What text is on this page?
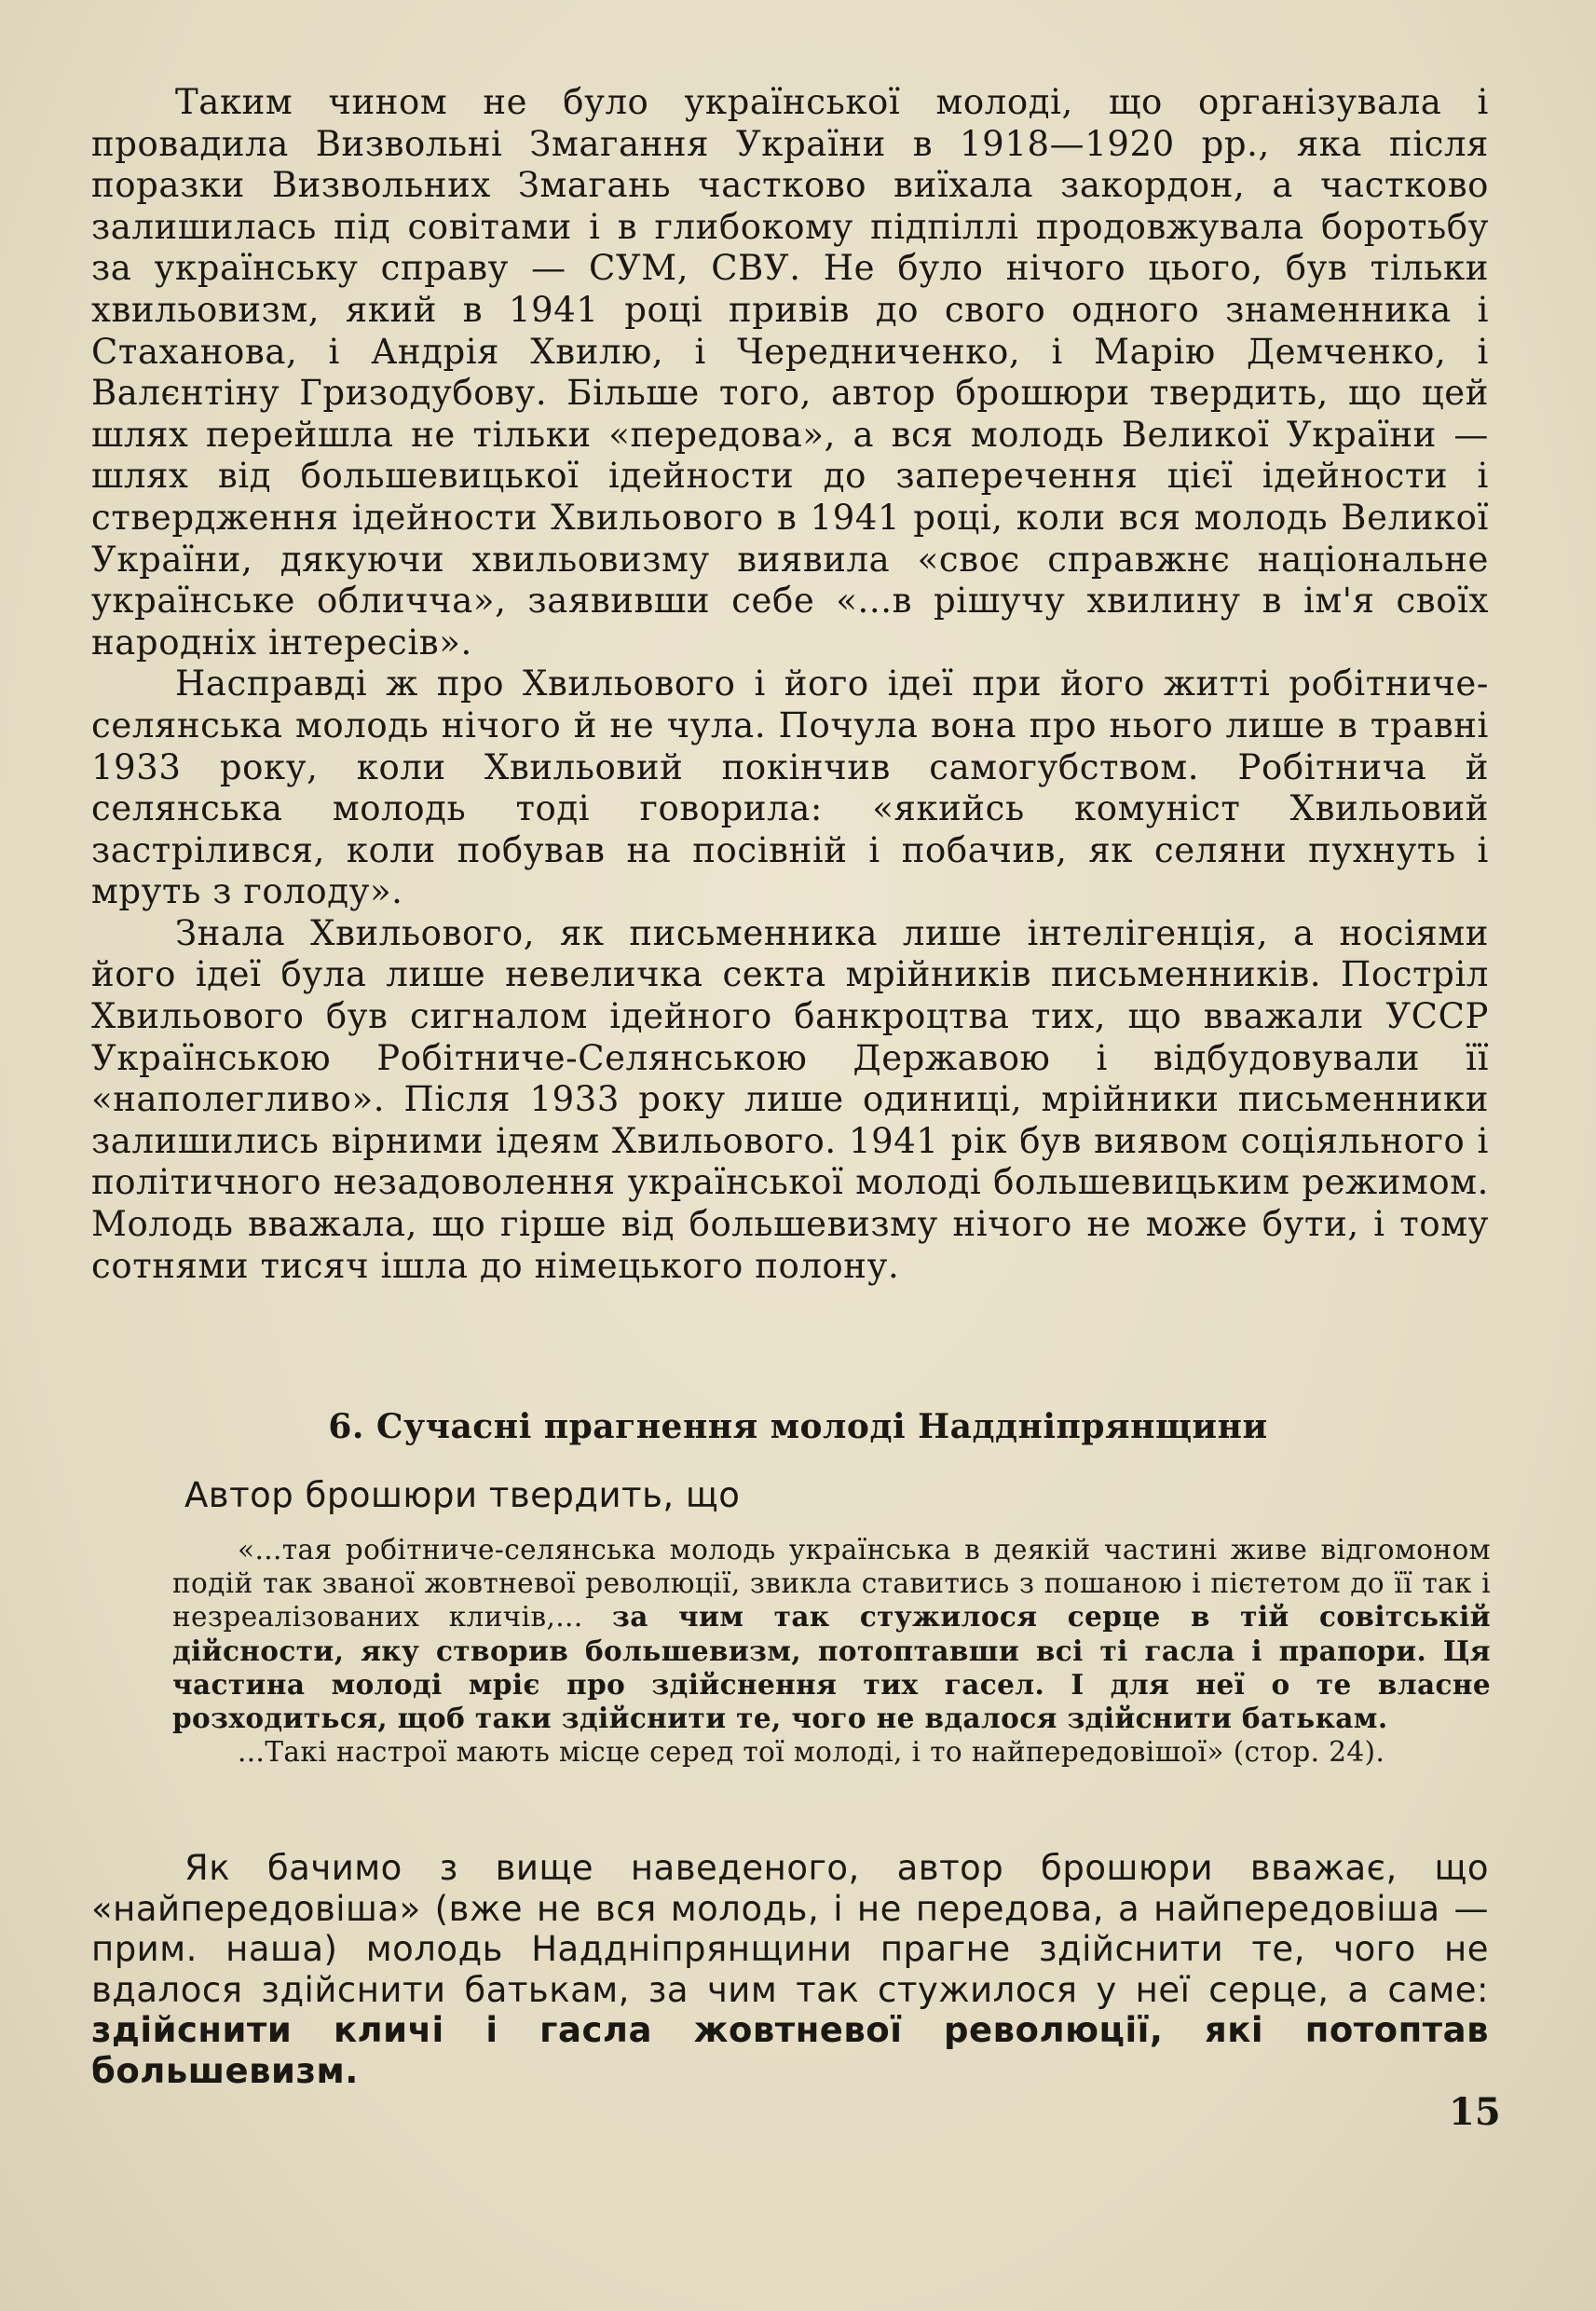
Таким чином не було української молоді, що організувала і провадила Визвольні Змагання України в 1918—1920 рр., яка після поразки Визвольних Змагань частково виїхала закордон, а частково залишилась під совітами і в глибокому підпіллі продовжувала боротьбу за українську справу — СУМ, СВУ. Не було нічого цього, був тільки хвильовизм, який в 1941 році привів до свого одного знаменника і Стаханова, і Андрія Хвилю, і Чередниченко, і Марію Демченко, і Валєнтіну Гризодубову. Більше того, автор брошюри твердить, що цей шлях перейшла не тільки «передова», а вся молодь Великої України — шлях від большевицької ідейности до заперечення цієї ідейности і ствердження ідейности Хвильового в 1941 році, коли вся молодь Великої України, дякуючи хвильовизму виявила «своє справжнє національне українське обличча», заявивши себе «...в рішучу хвилину в ім'я своїх народніх інтересів».

Насправді ж про Хвильового і його ідеї при його житті робітниче-селянська молодь нічого й не чула. Почула вона про нього лише в травні 1933 року, коли Хвильовий покінчив самогубством. Робітнича й селянська молодь тоді говорила: «якийсь комуніст Хвильовий застрілився, коли побував на посівній і побачив, як селяни пухнуть і мруть з голоду».

Знала Хвильового, як письменника лише інтелігенція, а носіями його ідеї була лише невеличка секта мрійників письменників. Постріл Хвильового був сигналом ідейного банкроцтва тих, що вважали УССР Українською Робітниче-Селянською Державою і відбудовували її «наполегливо». Після 1933 року лише одиниці, мрійники письменники залишились вірними ідеям Хвильового. 1941 рік був виявом соціяльного і політичного незадоволення української молоді большевицьким режимом. Молодь вважала, що гірше від большевизму нічого не може бути, і тому сотнями тисяч ішла до німецького полону.

6. Сучасні прагнення молоді Наддніпрянщини
Автор брошюри твердить, що

«...тая робітниче-селянська молодь українська в деякій частині живе відгомоном подій так званої жовтневої революції, звикла ставитись з пошаною і пієтетом до її так і незреалізованих кличів,... за чим так стужилося серце в тій совітській дійсности, яку створив большевизм, потоптавши всі ті гасла і прапори. Ця частина молоді мріє про здійснення тих гасел. І для неї о те власне розходиться, щоб таки здійснити те, чого не вдалося здійснити батькам.

...Такі настрої мають місце серед тої молоді, і то найпередовішої» (стор. 24).

Як бачимо з вище наведеного, автор брошюри вважає, що «найпередовіша» (вже не вся молодь, і не передова, а найпередовіша — прим. наша) молодь Наддніпрянщини прагне здійснити те, чого не вдалося здійснити батькам, за чим так стужилося у неї серце, а саме: здійснити кличі і гасла жовтневої революції, які потоптав большевизм.

15
